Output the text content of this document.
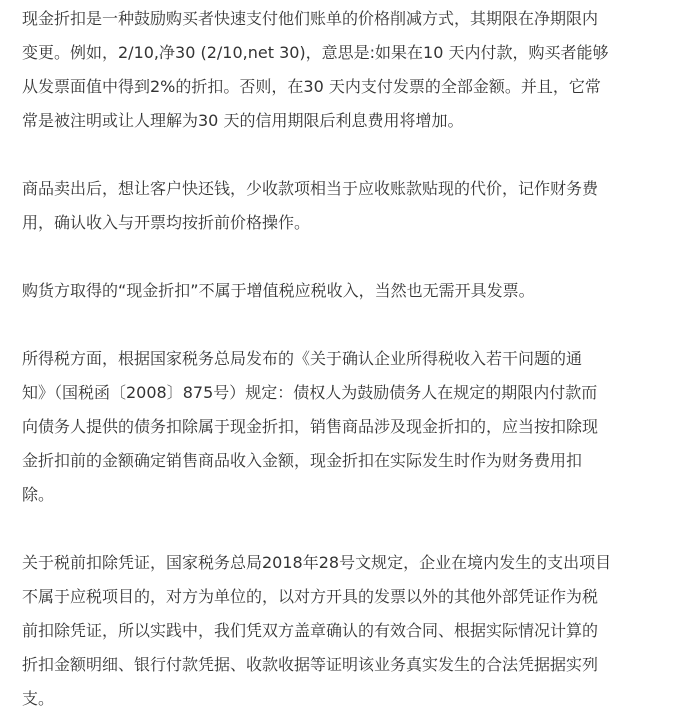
现金折扣是一种鼓励购买者快速支付他们账单的价格削减方式，其期限在净期限内
变更。例如，2/10,净30 (2/10,net 30)，意思是:如果在10 天内付款，购买者能够
从发票面值中得到2%的折扣。否则，在30 天内支付发票的全部金额。并且，它常
常是被注明或让人理解为30 天的信用期限后利息费用将增加。

商品卖出后，想让客户快还钱，少收款项相当于应收账款贴现的代价，记作财务费
用，确认收入与开票均按折前价格操作。

购货方取得的“现金折扣”不属于增值税应税收入，当然也无需开具发票。

所得税方面，根据国家税务总局发布的《关于确认企业所得税收入若干问题的通
知》（国税函〔2008〕875号）规定：债权人为鼓励债务人在规定的期限内付款而
向债务人提供的债务扣除属于现金折扣，销售商品涉及现金折扣的，应当按扣除现
金折扣前的金额确定销售商品收入金额，现金折扣在实际发生时作为财务费用扣
除。

关于税前扣除凭证，国家税务总局2018年28号文规定，企业在境内发生的支出项目
不属于应税项目的，对方为单位的，以对方开具的发票以外的其他外部凭证作为税
前扣除凭证，所以实践中，我们凭双方盖章确认的有效合同、根据实际情况计算的
折扣金额明细、银行付款凭据、收款收据等证明该业务真实发生的合法凭据据实列
支。
